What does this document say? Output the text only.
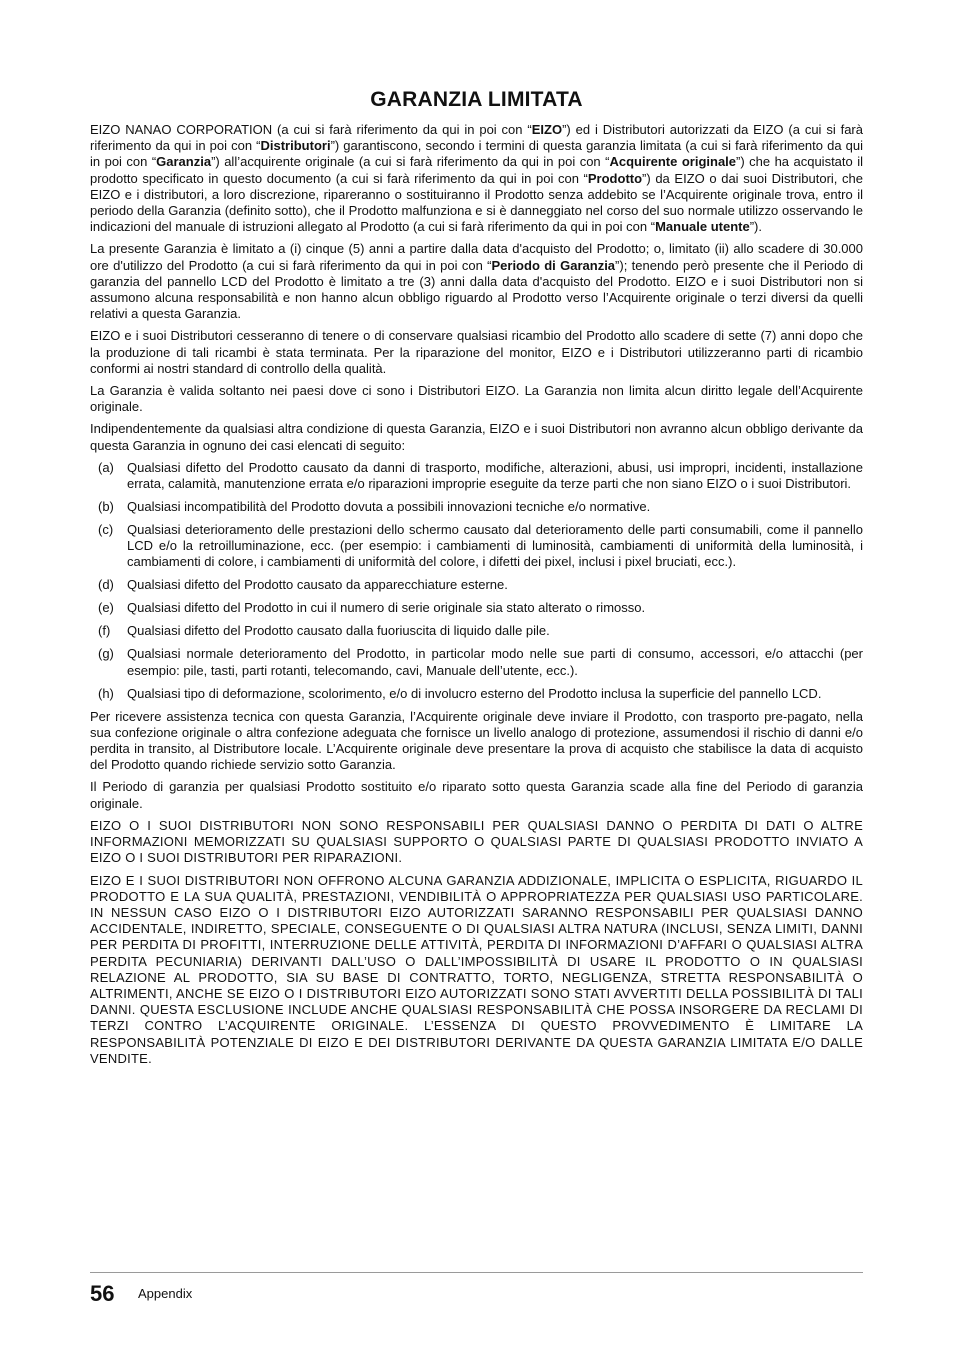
GARANZIA LIMITATA

EIZO NANAO CORPORATION (a cui si farà riferimento da qui in poi con “EIZO”) ed i Distributori autorizzati da EIZO (a cui si farà riferimento da qui in poi con “Distributori”) garantiscono, secondo i termini di questa garanzia limitata (a cui si farà riferimento da qui in poi con “Garanzia”) all’acquirente originale (a cui si farà riferimento da qui in poi con “Acquirente originale”) che ha acquistato il prodotto specificato in questo documento (a cui si farà riferimento da qui in poi con “Prodotto”) da EIZO o dai suoi Distributori, che EIZO e i distributori, a loro discrezione, ripareranno o sostituiranno il Prodotto senza addebito se l’Acquirente originale trova, entro il periodo della Garanzia (definito sotto), che il Prodotto malfunziona e si è danneggiato nel corso del suo normale utilizzo osservando le indicazioni del manuale di istruzioni allegato al Prodotto (a cui si farà riferimento da qui in poi con “Manuale utente”).

La presente Garanzia è limitato a (i) cinque (5) anni a partire dalla data d'acquisto del Prodotto; o, limitato (ii) allo scadere di 30.000 ore d'utilizzo del Prodotto (a cui si farà riferimento da qui in poi con “Periodo di Garanzia”); tenendo però presente che il Periodo di garanzia del pannello LCD del Prodotto è limitato a tre (3) anni dalla data d'acquisto del Prodotto. EIZO e i suoi Distributori non si assumono alcuna responsabilità e non hanno alcun obbligo riguardo al Prodotto verso l’Acquirente originale o terzi diversi da quelli relativi a questa Garanzia.

EIZO e i suoi Distributori cesseranno di tenere o di conservare qualsiasi ricambio del Prodotto allo scadere di sette (7) anni dopo che la produzione di tali ricambi è stata terminata. Per la riparazione del monitor, EIZO e i Distributori utilizzeranno parti di ricambio conformi ai nostri standard di controllo della qualità.

La Garanzia è valida soltanto nei paesi dove ci sono i Distributori EIZO. La Garanzia non limita alcun diritto legale dell’Acquirente originale.

Indipendentemente da qualsiasi altra condizione di questa Garanzia, EIZO e i suoi Distributori non avranno alcun obbligo derivante da questa Garanzia in ognuno dei casi elencati di seguito:

(a)	Qualsiasi difetto del Prodotto causato da danni di trasporto, modifiche, alterazioni, abusi, usi impropri, incidenti, installazione errata, calamità, manutenzione errata e/o riparazioni improprie eseguite da terze parti che non siano EIZO o i suoi Distributori.
(b)	Qualsiasi incompatibilità del Prodotto dovuta a possibili innovazioni tecniche e/o normative.
(c)	Qualsiasi deterioramento delle prestazioni dello schermo causato dal deterioramento delle parti consumabili, come il pannello LCD e/o la retroilluminazione, ecc. (per esempio: i cambiamenti di luminosità, cambiamenti di uniformità della luminosità, i cambiamenti di colore, i cambiamenti di uniformità del colore, i difetti dei pixel, inclusi i pixel bruciati, ecc.).
(d)	Qualsiasi difetto del Prodotto causato da apparecchiature esterne.
(e)	Qualsiasi difetto del Prodotto in cui il numero di serie originale sia stato alterato o rimosso.
(f)	Qualsiasi difetto del Prodotto causato dalla fuoriuscita di liquido dalle pile.
(g)	Qualsiasi normale deterioramento del Prodotto, in particolar modo nelle sue parti di consumo, accessori, e/o attacchi (per esempio: pile, tasti, parti rotanti, telecomando, cavi, Manuale dell’utente, ecc.).
(h)	Qualsiasi tipo di deformazione, scolorimento, e/o di involucro esterno del Prodotto inclusa la superficie del pannello LCD.

Per ricevere assistenza tecnica con questa Garanzia, l’Acquirente originale deve inviare il Prodotto, con trasporto pre-pagato, nella sua confezione originale o altra confezione adeguata che fornisce un livello analogo di protezione, assumendosi il rischio di danni e/o perdita in transito, al Distributore locale. L’Acquirente originale deve presentare la prova di acquisto che stabilisce la data di acquisto del Prodotto quando richiede servizio sotto Garanzia.

Il Periodo di garanzia per qualsiasi Prodotto sostituito e/o riparato sotto questa Garanzia scade alla fine del Periodo di garanzia originale.

EIZO O I SUOI DISTRIBUTORI NON SONO RESPONSABILI PER QUALSIASI DANNO O PERDITA DI DATI O ALTRE INFORMAZIONI MEMORIZZATI SU QUALSIASI SUPPORTO O QUALSIASI PARTE DI QUALSIASI PRODOTTO INVIATO A EIZO O I SUOI DISTRIBUTORI PER RIPARAZIONI.

EIZO E I SUOI DISTRIBUTORI NON OFFRONO ALCUNA GARANZIA ADDIZIONALE, IMPLICITA O ESPLICITA, RIGUARDO IL PRODOTTO E LA SUA QUALITÀ, PRESTAZIONI, VENDIBILITÀ O APPROPRIATEZZA PER QUALSIASI USO PARTICOLARE. IN NESSUN CASO EIZO O I DISTRIBUTORI EIZO AUTORIZZATI SARANNO RESPONSABILI PER QUALSIASI DANNO ACCIDENTALE, INDIRETTO, SPECIALE, CONSEGUENTE O DI QUALSIASI ALTRA NATURA (INCLUSI, SENZA LIMITI, DANNI PER PERDITA DI PROFITTI, INTERRUZIONE DELLE ATTIVITÀ, PERDITA DI INFORMAZIONI D’AFFARI O QUALSIASI ALTRA PERDITA PECUNIARIA) DERIVANTI DALL’USO O DALL’IMPOSSIBILITÀ DI USARE IL PRODOTTO O IN QUALSIASI RELAZIONE AL PRODOTTO, SIA SU BASE DI CONTRATTO, TORTO, NEGLIGENZA, STRETTA RESPONSABILITÀ O ALTRIMENTI, ANCHE SE EIZO O I DISTRIBUTORI EIZO AUTORIZZATI SONO STATI AVVERTITI DELLA POSSIBILITÀ DI TALI DANNI. QUESTA ESCLUSIONE INCLUDE ANCHE QUALSIASI RESPONSABILITÀ CHE POSSA INSORGERE DA RECLAMI DI TERZI CONTRO L’ACQUIRENTE ORIGINALE. L’ESSENZA DI QUESTO PROVVEDIMENTO È LIMITARE LA RESPONSABILITÀ POTENZIALE DI EIZO E DEI DISTRIBUTORI DERIVANTE DA QUESTA GARANZIA LIMITATA E/O DALLE VENDITE.

56 Appendix
